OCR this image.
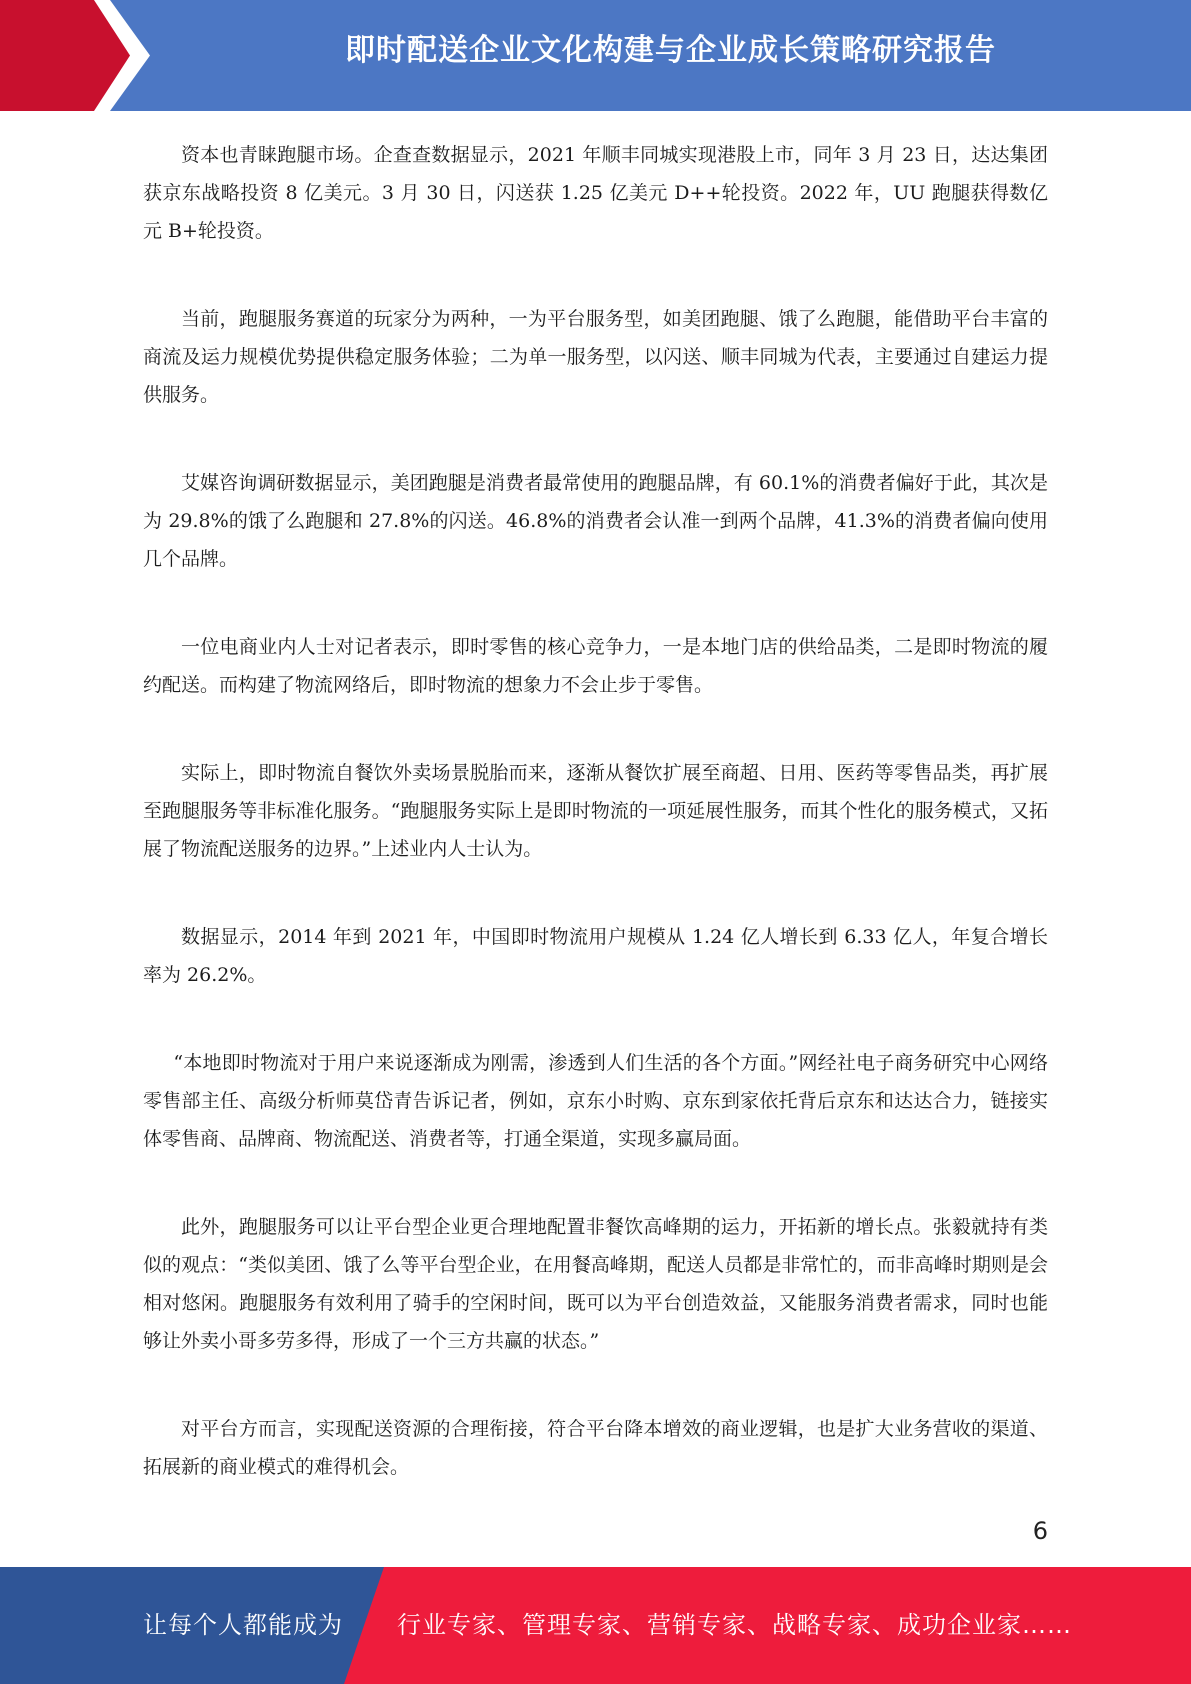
即时配送企业文化构建与企业成长策略研究报告

资本也青睐跑腿市场。企查查数据显示，2021 年顺丰同城实现港股上市，同年 3 月 23 日，达达集团获京东战略投资 8 亿美元。3 月 30 日，闪送获 1.25 亿美元 D++轮投资。2022 年，UU 跑腿获得数亿元 B+轮投资。

当前，跑腿服务赛道的玩家分为两种，一为平台服务型，如美团跑腿、饿了么跑腿，能借助平台丰富的商流及运力规模优势提供稳定服务体验；二为单一服务型，以闪送、顺丰同城为代表，主要通过自建运力提供服务。

艾媒咨询调研数据显示，美团跑腿是消费者最常使用的跑腿品牌，有 60.1%的消费者偏好于此，其次是为 29.8%的饿了么跑腿和 27.8%的闪送。46.8%的消费者会认准一到两个品牌，41.3%的消费者偏向使用几个品牌。

一位电商业内人士对记者表示，即时零售的核心竞争力，一是本地门店的供给品类，二是即时物流的履约配送。而构建了物流网络后，即时物流的想象力不会止步于零售。

实际上，即时物流自餐饮外卖场景脱胎而来，逐渐从餐饮扩展至商超、日用、医药等零售品类，再扩展至跑腿服务等非标准化服务。“跑腿服务实际上是即时物流的一项延展性服务，而其个性化的服务模式，又拓展了物流配送服务的边界。”上述业内人士认为。

数据显示，2014 年到 2021 年，中国即时物流用户规模从 1.24 亿人增长到 6.33 亿人，年复合增长率为 26.2%。

“本地即时物流对于用户来说逐渐成为刚需，渗透到人们生活的各个方面。”网经社电子商务研究中心网络零售部主任、高级分析师莫岱青告诉记者，例如，京东小时购、京东到家依托背后京东和达达合力，链接实体零售商、品牌商、物流配送、消费者等，打通全渠道，实现多赢局面。

此外，跑腿服务可以让平台型企业更合理地配置非餐饮高峰期的运力，开拓新的增长点。张毅就持有类似的观点：“类似美团、饿了么等平台型企业，在用餐高峰期，配送人员都是非常忙的，而非高峰时期则是会相对悠闲。跑腿服务有效利用了骑手的空闲时间，既可以为平台创造效益，又能服务消费者需求，同时也能够让外卖小哥多劳多得，形成了一个三方共赢的状态。”

对平台方而言，实现配送资源的合理衔接，符合平台降本增效的商业逻辑，也是扩大业务营收的渠道、拓展新的商业模式的难得机会。

6
让每个人都能成为 行业专家、管理专家、营销专家、战略专家、成功企业家……
